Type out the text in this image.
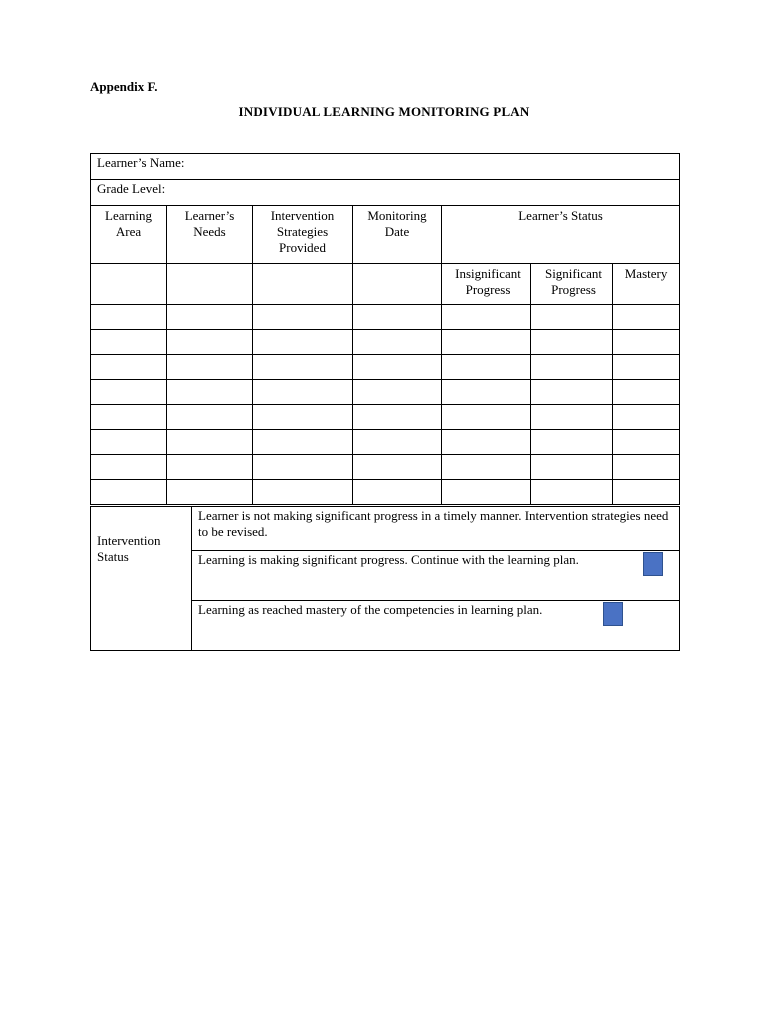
Appendix F.
INDIVIDUAL LEARNING MONITORING PLAN
Learner’s Name:						
Grade Level:						
Learning Area	Learner’s Needs	Intervention Strategies Provided	Monitoring Date	Learner’s Status		
				Insignificant Progress	Significant Progress	Mastery

Intervention Status	Learner is not making significant progress in a timely manner. Intervention strategies need to be revised.
Learning is making significant progress. Continue with the learning plan.

Learning as reached mastery of the competencies in learning plan.
